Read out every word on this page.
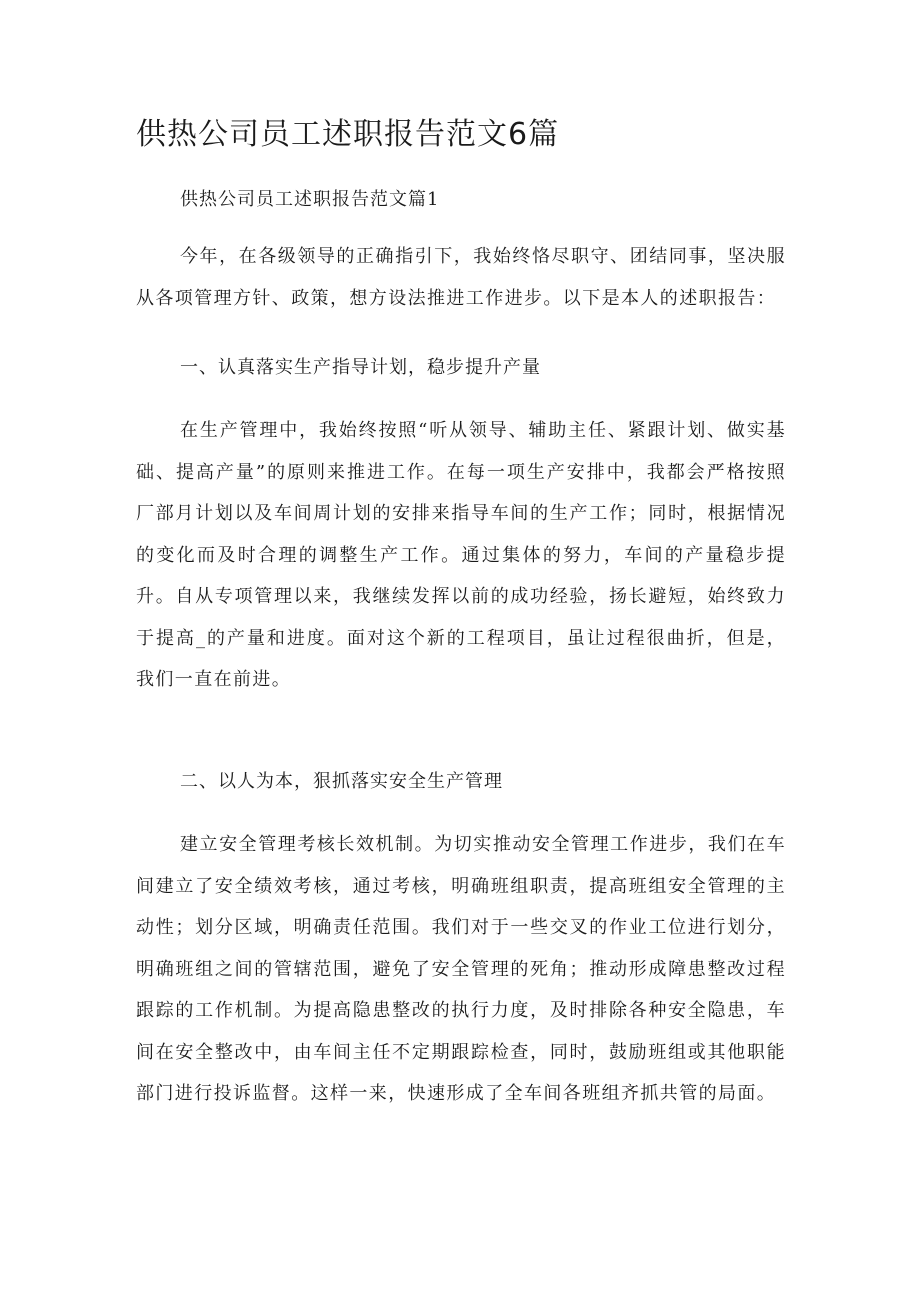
供热公司员工述职报告范文6篇
供热公司员工述职报告范文篇1

今年，在各级领导的正确指引下，我始终恪尽职守、团结同事，坚决服从各项管理方针、政策，想方设法推进工作进步。以下是本人的述职报告：

一、认真落实生产指导计划，稳步提升产量

在生产管理中，我始终按照“听从领导、辅助主任、紧跟计划、做实基础、提高产量”的原则来推进工作。在每一项生产安排中，我都会严格按照厂部月计划以及车间周计划的安排来指导车间的生产工作；同时，根据情况的变化而及时合理的调整生产工作。通过集体的努力，车间的产量稳步提升。自从专项管理以来，我继续发挥以前的成功经验，扬长避短，始终致力于提高_的产量和进度。面对这个新的工程项目，虽让过程很曲折，但是，我们一直在前进。

二、以人为本，狠抓落实安全生产管理

建立安全管理考核长效机制。为切实推动安全管理工作进步，我们在车间建立了安全绩效考核，通过考核，明确班组职责，提高班组安全管理的主动性；划分区域，明确责任范围。我们对于一些交叉的作业工位进行划分，明确班组之间的管辖范围，避免了安全管理的死角；推动形成障患整改过程跟踪的工作机制。为提高隐患整改的执行力度，及时排除各种安全隐患，车间在安全整改中，由车间主任不定期跟踪检查，同时，鼓励班组或其他职能部门进行投诉监督。这样一来，快速形成了全车间各班组齐抓共管的局面。
